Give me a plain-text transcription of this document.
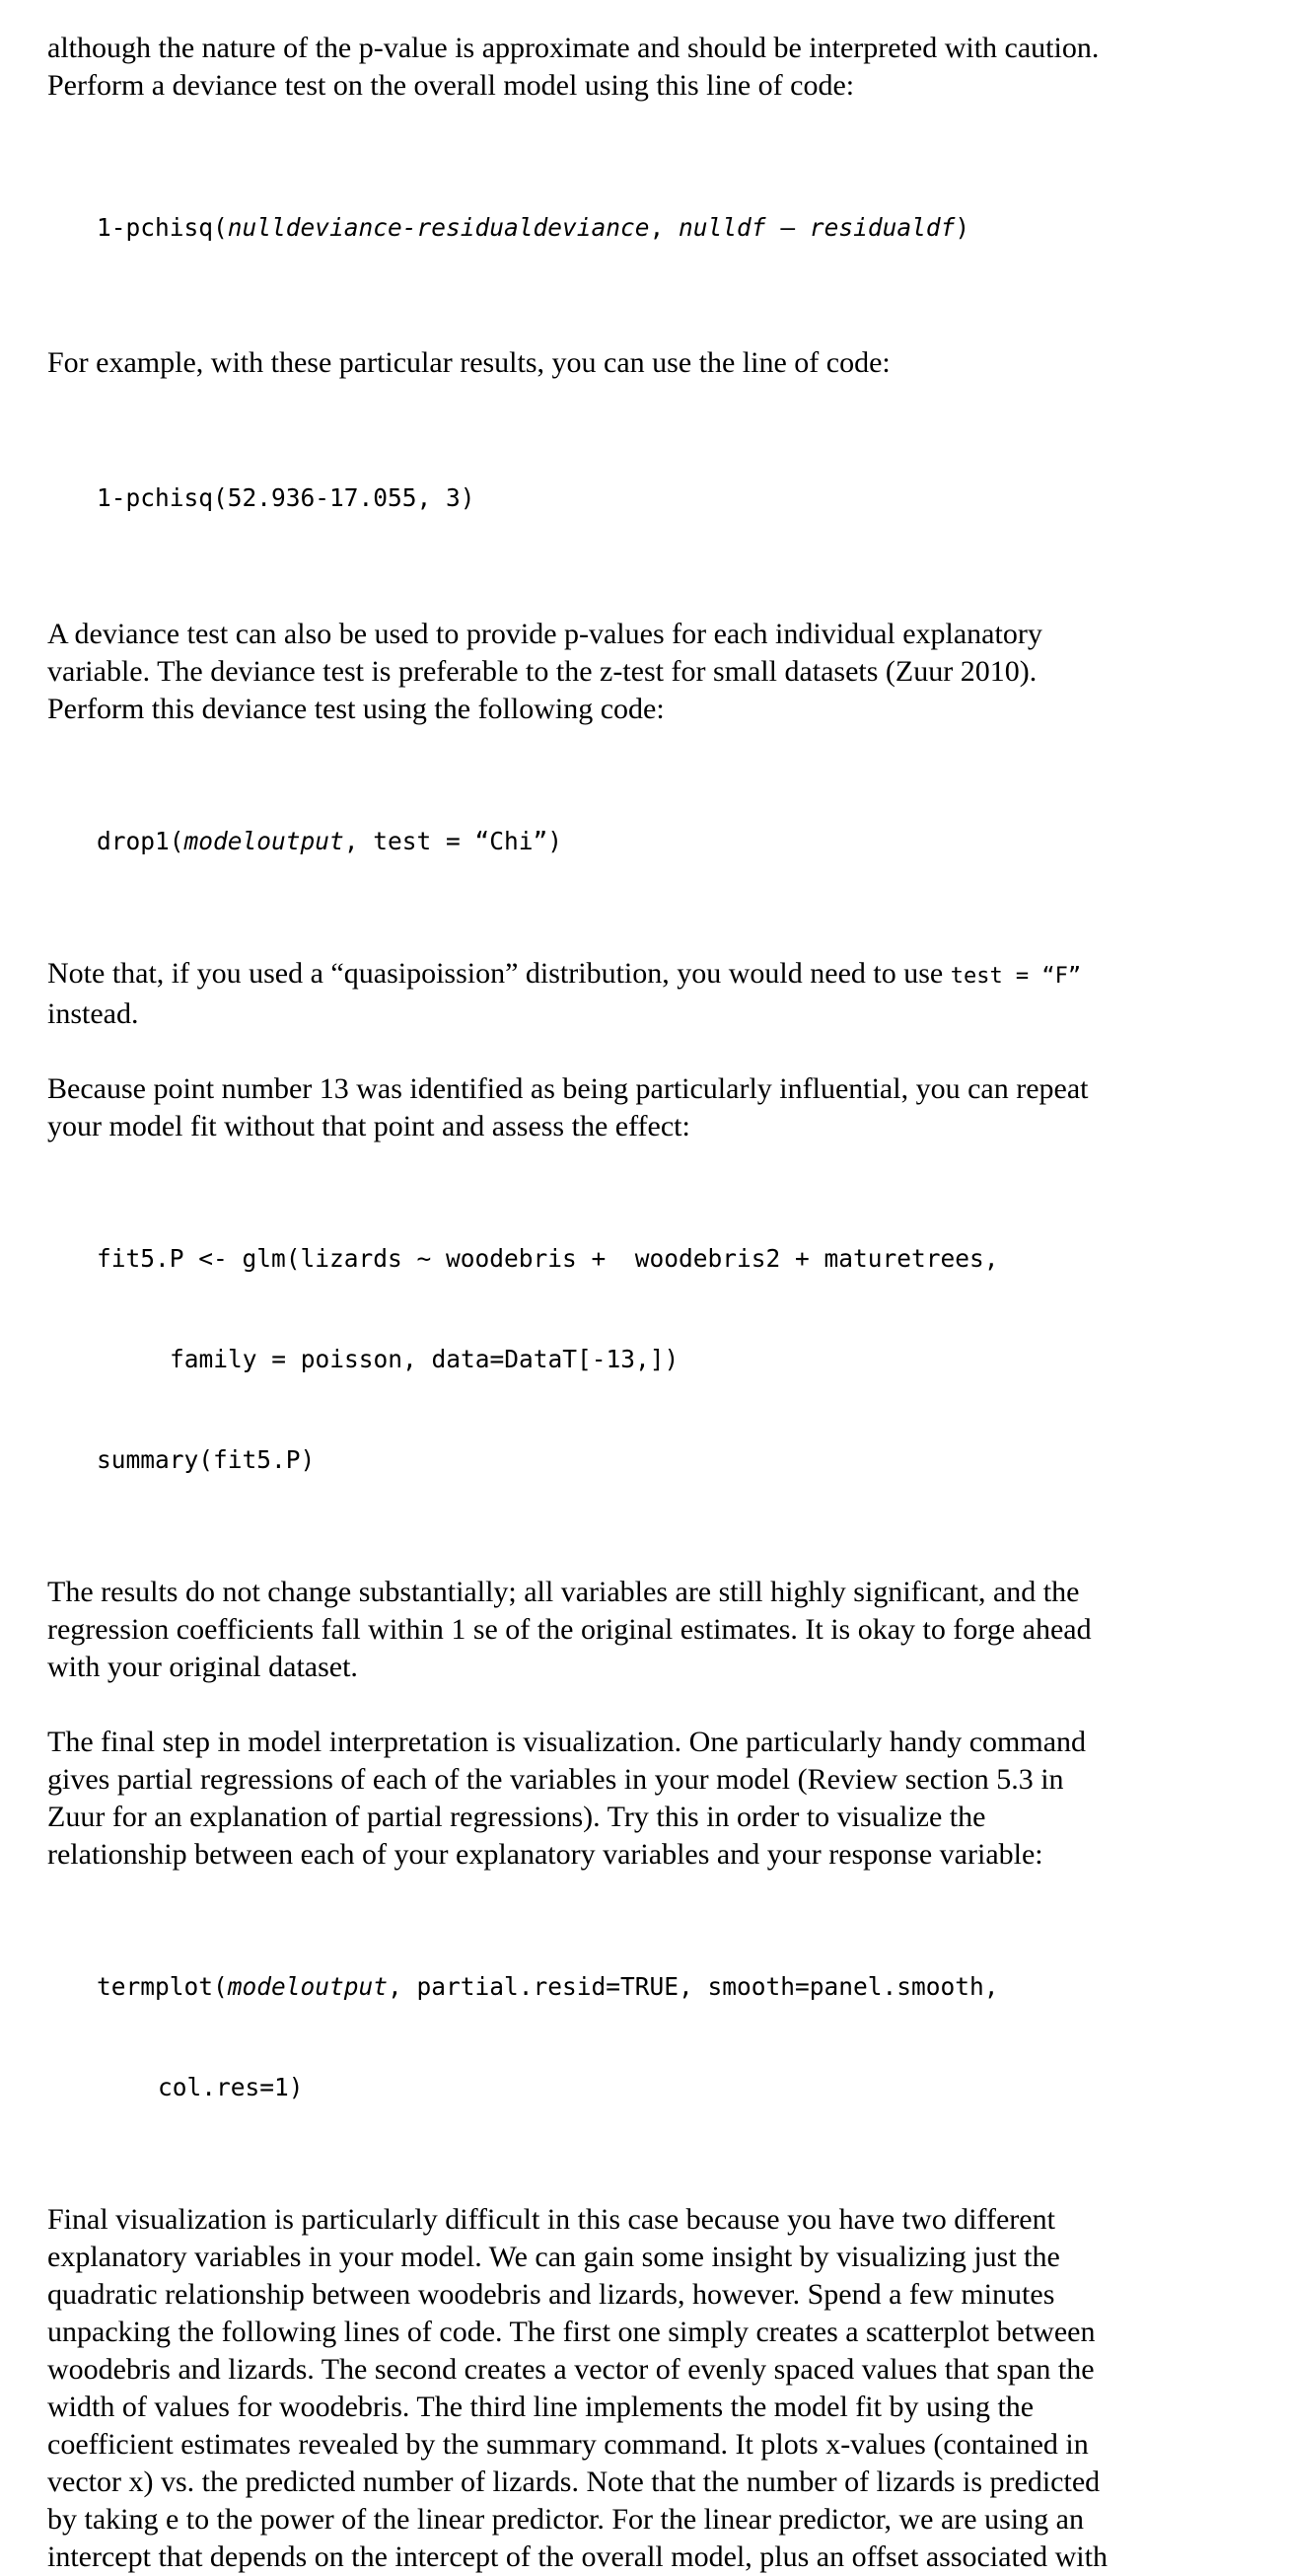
although the nature of the p-value is approximate and should be interpreted with caution.
Perform a deviance test on the overall model using this line of code:

1-pchisq(nulldeviance-residualdeviance, nulldf – residualdf)

For example, with these particular results, you can use the line of code:

1-pchisq(52.936-17.055, 3)

A deviance test can also be used to provide p-values for each individual explanatory
variable. The deviance test is preferable to the z-test for small datasets (Zuur 2010).
Perform this deviance test using the following code:

drop1(modeloutput, test = “Chi”)

Note that, if you used a “quasipoission” distribution, you would need to use test = “F”
instead.

Because point number 13 was identified as being particularly influential, you can repeat
your model fit without that point and assess the effect:

fit5.P <- glm(lizards ~ woodebris +  woodebris2 + maturetrees,

family = poisson, data=DataT[-13,])

summary(fit5.P)

The results do not change substantially; all variables are still highly significant, and the
regression coefficients fall within 1 se of the original estimates. It is okay to forge ahead
with your original dataset.

The final step in model interpretation is visualization. One particularly handy command
gives partial regressions of each of the variables in your model (Review section 5.3 in
Zuur for an explanation of partial regressions). Try this in order to visualize the
relationship between each of your explanatory variables and your response variable:

termplot(modeloutput, partial.resid=TRUE, smooth=panel.smooth,

col.res=1)

Final visualization is particularly difficult in this case because you have two different
explanatory variables in your model. We can gain some insight by visualizing just the
quadratic relationship between woodebris and lizards, however. Spend a few minutes
unpacking the following lines of code. The first one simply creates a scatterplot between
woodebris and lizards. The second creates a vector of evenly spaced values that span the
width of values for woodebris. The third line implements the model fit by using the
coefficient estimates revealed by the summary command. It plots x-values (contained in
vector x) vs. the predicted number of lizards. Note that the number of lizards is predicted
by taking e to the power of the linear predictor. For the linear predictor, we are using an
intercept that depends on the intercept of the overall model, plus an offset associated with
